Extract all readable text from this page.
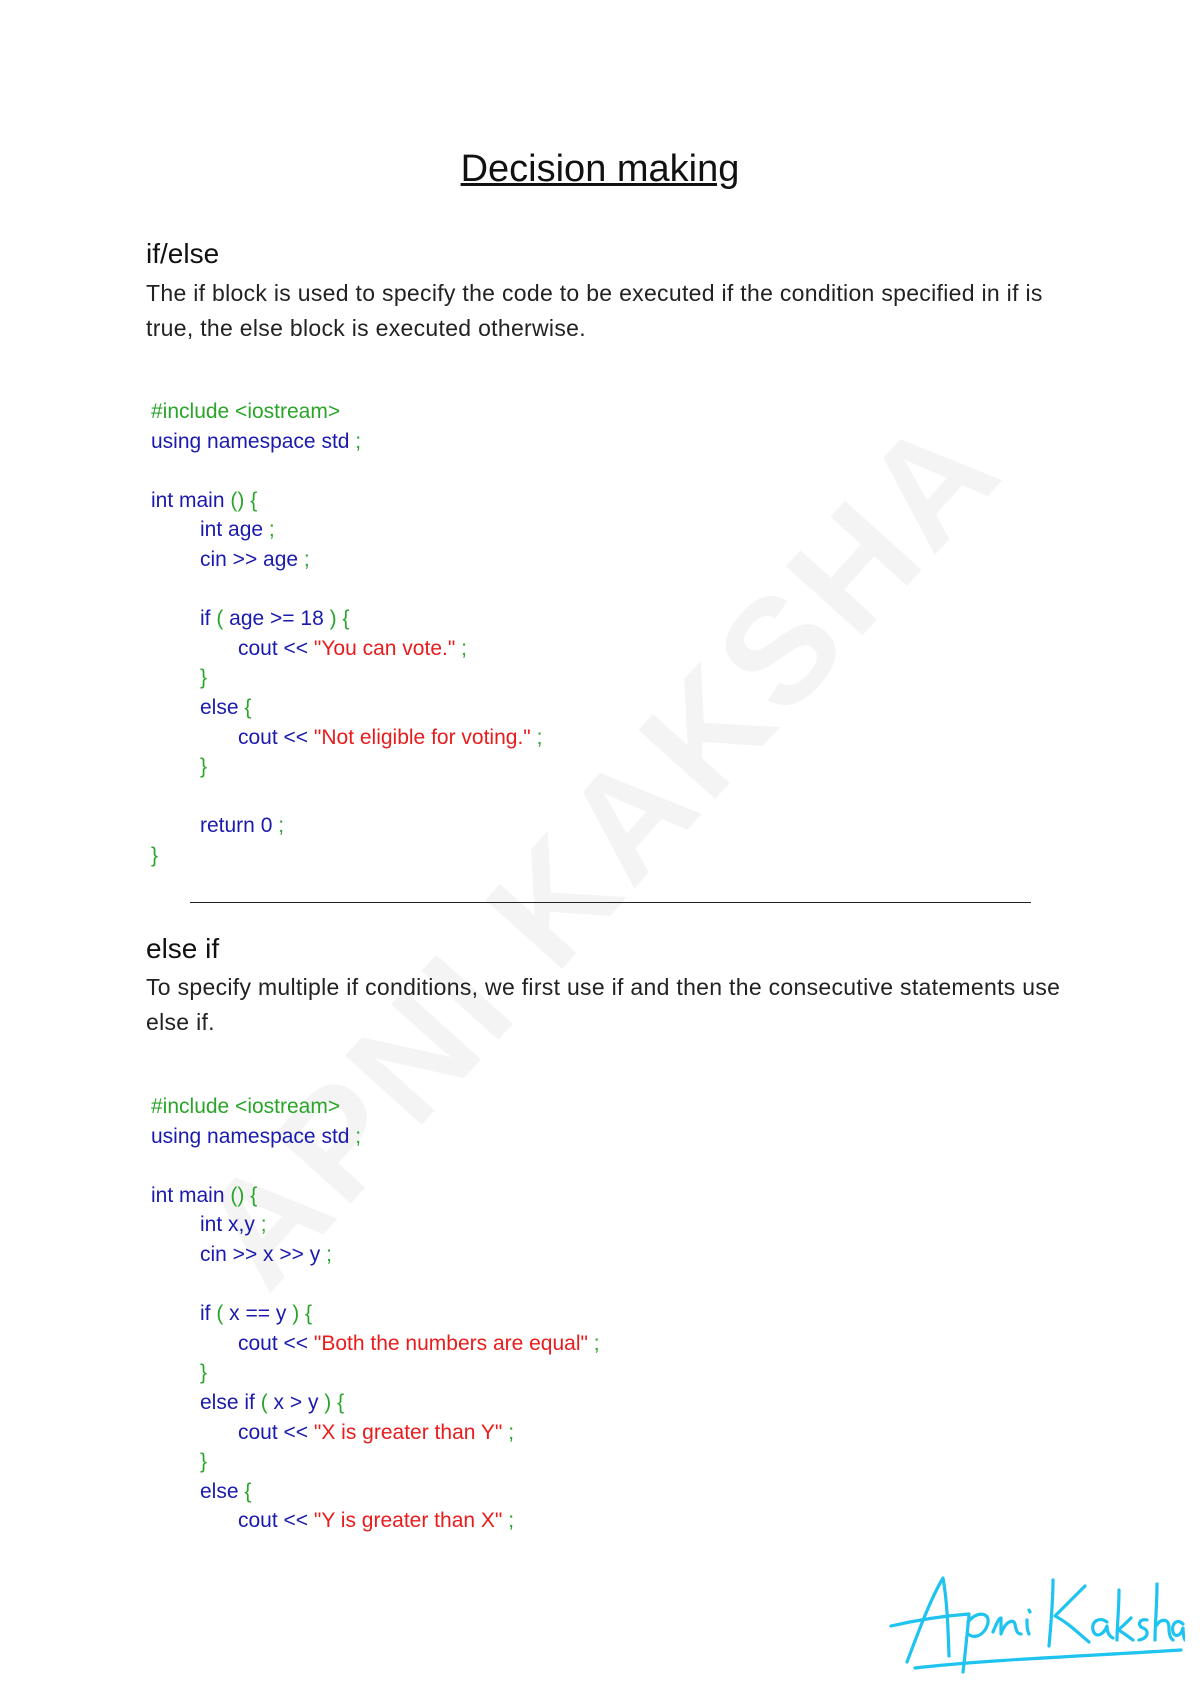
Decision making
if/else
The if block is used to specify the code to be executed if the condition specified in if is true, the else block is executed otherwise.
#include <iostream>
using namespace std ;
int main () {
int age ;
cin >> age ;
if ( age >= 18 ) {
cout << "You can vote." ;
}
else {
cout << "Not eligible for voting." ;
}
return 0 ;
}
else if
To specify multiple if conditions, we first use if and then the consecutive statements use else if.
#include <iostream>
using namespace std ;
int main () {
int x,y ;
cin >> x >> y ;
if ( x == y ) {
cout << "Both the numbers are equal" ;
}
else if ( x > y ) {
cout << "X is greater than Y" ;
}
else {
cout << "Y is greater than X" ;
